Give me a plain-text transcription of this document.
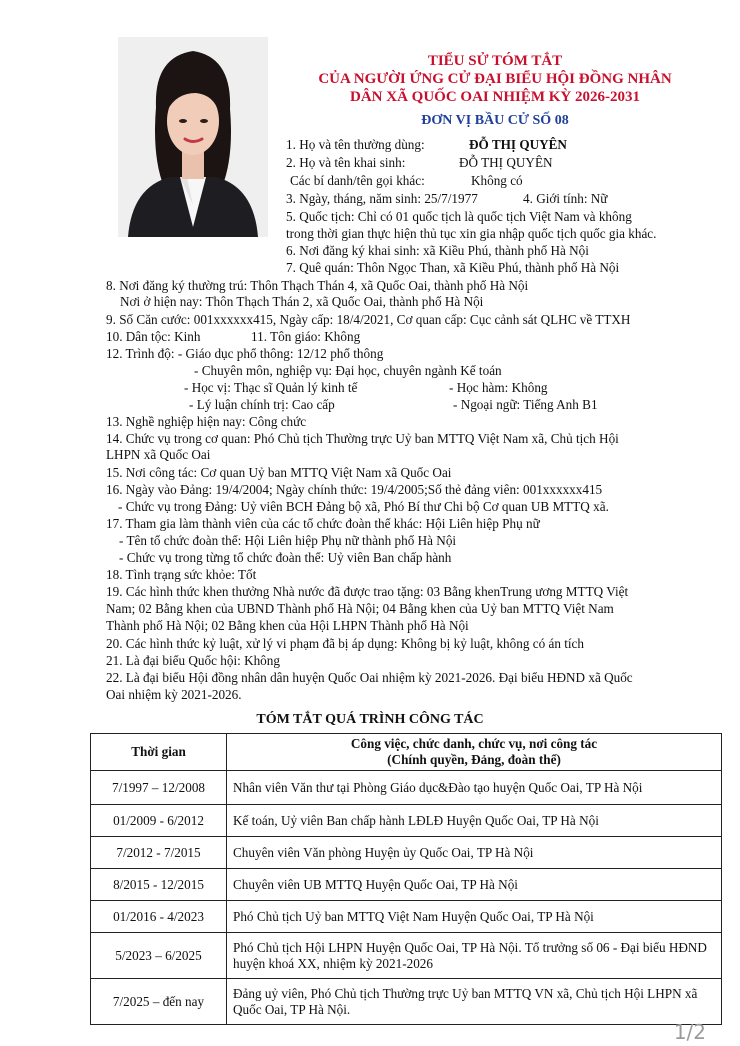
TIỂU SỬ TÓM TẮT
CỦA NGƯỜI ỨNG CỬ ĐẠI BIỂU HỘI ĐỒNG NHÂN
DÂN XÃ QUỐC OAI NHIỆM KỲ 2026-2031
ĐƠN VỊ BẦU CỬ SỐ 08
1. Họ và tên thường dùng:	ĐỖ THỊ QUYÊN
2. Họ và tên khai sinh:	ĐỖ THỊ QUYÊN
Các bí danh/tên gọi khác:	Không có
3. Ngày, tháng, năm sinh: 25/7/1977	4. Giới tính: Nữ
5. Quốc tịch: Chỉ có 01 quốc tịch là quốc tịch Việt Nam và không
trong thời gian thực hiện thủ tục xin gia nhập quốc tịch quốc gia khác.
6. Nơi đăng ký khai sinh: xã Kiều Phú, thành phố Hà Nội
7. Quê quán: Thôn Ngọc Than, xã Kiều Phú, thành phố Hà Nội
8. Nơi đăng ký thường trú: Thôn Thạch Thán 4, xã Quốc Oai, thành phố Hà Nội
Nơi ở hiện nay: Thôn Thạch Thán 2, xã Quốc Oai, thành phố Hà Nội
9. Số Căn cước: 001xxxxxx415, Ngày cấp: 18/4/2021, Cơ quan cấp: Cục cảnh sát QLHC về TTXH
10. Dân tộc: Kinh	11. Tôn giáo: Không
12. Trình độ: - Giáo dục phổ thông: 12/12 phổ thông
- Chuyên môn, nghiệp vụ: Đại học, chuyên ngành Kế toán
- Học vị: Thạc sĩ Quản lý kinh tế	- Học hàm: Không
- Lý luận chính trị: Cao cấp	- Ngoại ngữ: Tiếng Anh B1
13. Nghề nghiệp hiện nay: Công chức
14. Chức vụ trong cơ quan: Phó Chủ tịch Thường trực Uỷ ban MTTQ Việt Nam xã, Chủ tịch Hội
LHPN xã Quốc Oai
15. Nơi công tác: Cơ quan Uỷ ban MTTQ Việt Nam xã Quốc Oai
16. Ngày vào Đảng: 19/4/2004; Ngày chính thức: 19/4/2005;Số thẻ đảng viên: 001xxxxxx415
- Chức vụ trong Đảng: Uỷ viên BCH Đảng bộ xã, Phó Bí thư Chi bộ Cơ quan UB MTTQ xã.
17. Tham gia làm thành viên của các tổ chức đoàn thể khác: Hội Liên hiệp Phụ nữ
- Tên tổ chức đoàn thể: Hội Liên hiệp Phụ nữ thành phố Hà Nội
- Chức vụ trong từng tổ chức đoàn thể: Uỷ viên Ban chấp hành
18. Tình trạng sức khỏe: Tốt
19. Các hình thức khen thưởng Nhà nước đã được trao tặng: 03 Bằng khenTrung ương MTTQ Việt
Nam; 02 Bằng khen của UBND Thành phố Hà Nội; 04 Bằng khen của Uỷ ban MTTQ Việt Nam
Thành phố Hà Nội; 02 Bằng khen của Hội LHPN Thành phố Hà Nội
20. Các hình thức kỷ luật, xử lý vi phạm đã bị áp dụng: Không bị kỷ luật, không có án tích
21. Là đại biểu Quốc hội: Không
22. Là đại biểu Hội đồng nhân dân huyện Quốc Oai nhiệm kỳ 2021-2026. Đại biểu HĐND xã Quốc
Oai nhiệm kỳ 2021-2026.
TÓM TẮT QUÁ TRÌNH CÔNG TÁC
Thời gian	Công việc, chức danh, chức vụ, nơi công tác
(Chính quyền, Đảng, đoàn thể)
7/1997 – 12/2008	Nhân viên Văn thư tại Phòng Giáo dục&Đào tạo huyện Quốc Oai, TP Hà Nội
01/2009 - 6/2012	Kế toán, Uỷ viên Ban chấp hành LĐLĐ Huyện Quốc Oai, TP Hà Nội
7/2012 - 7/2015	Chuyên viên Văn phòng Huyện ủy Quốc Oai, TP Hà Nội
8/2015 - 12/2015	Chuyên viên UB MTTQ Huyện Quốc Oai, TP Hà Nội
01/2016 - 4/2023	Phó Chủ tịch Uỷ ban MTTQ Việt Nam Huyện Quốc Oai, TP Hà Nội
5/2023 – 6/2025	Phó Chủ tịch Hội LHPN Huyện Quốc Oai, TP Hà Nội. Tổ trưởng số 06 - Đại biểu HĐND huyện khoá XX, nhiệm kỳ 2021-2026
7/2025 – đến nay	Đảng uỷ viên, Phó Chủ tịch Thường trực Uỷ ban MTTQ VN xã, Chủ tịch Hội LHPN xã Quốc Oai, TP Hà Nội.
1/2
